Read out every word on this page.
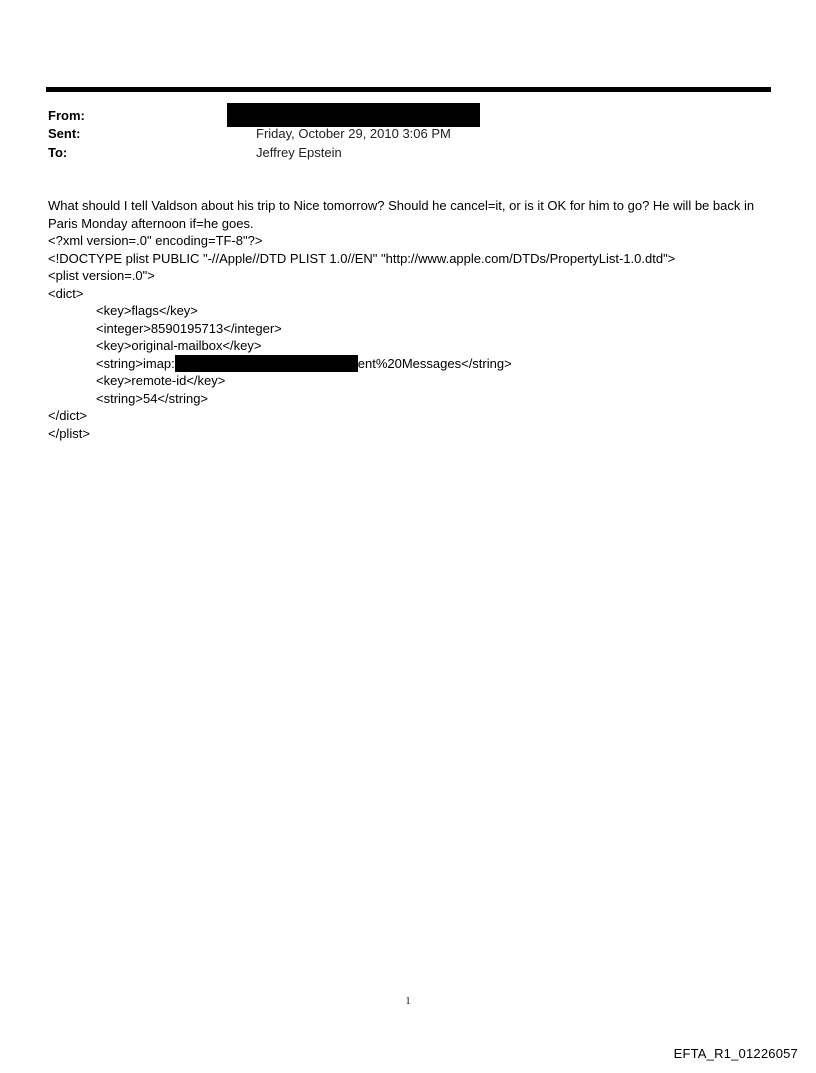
From:
Sent:	Friday, October 29, 2010 3:06 PM
To:	Jeffrey Epstein
What should I tell Valdson about his trip to Nice tomorrow? Should he cancel=it, or is it OK for him to go? He will be back in Paris Monday afternoon if=he goes.
<?xml version=.0" encoding=TF-8"?>
<!DOCTYPE plist PUBLIC "-//Apple//DTD PLIST 1.0//EN" "http://www.apple.com/DTDs/PropertyList-1.0.dtd">
<plist version=.0">
<dict>
<key>flags</key>
<integer>8590195713</integer>
<key>original-mailbox</key>
<string>imap:	ent%20Messages</string>
<key>remote-id</key>
<string>54</string>
</dict>
</plist>
1
EFTA_R1_01226057
